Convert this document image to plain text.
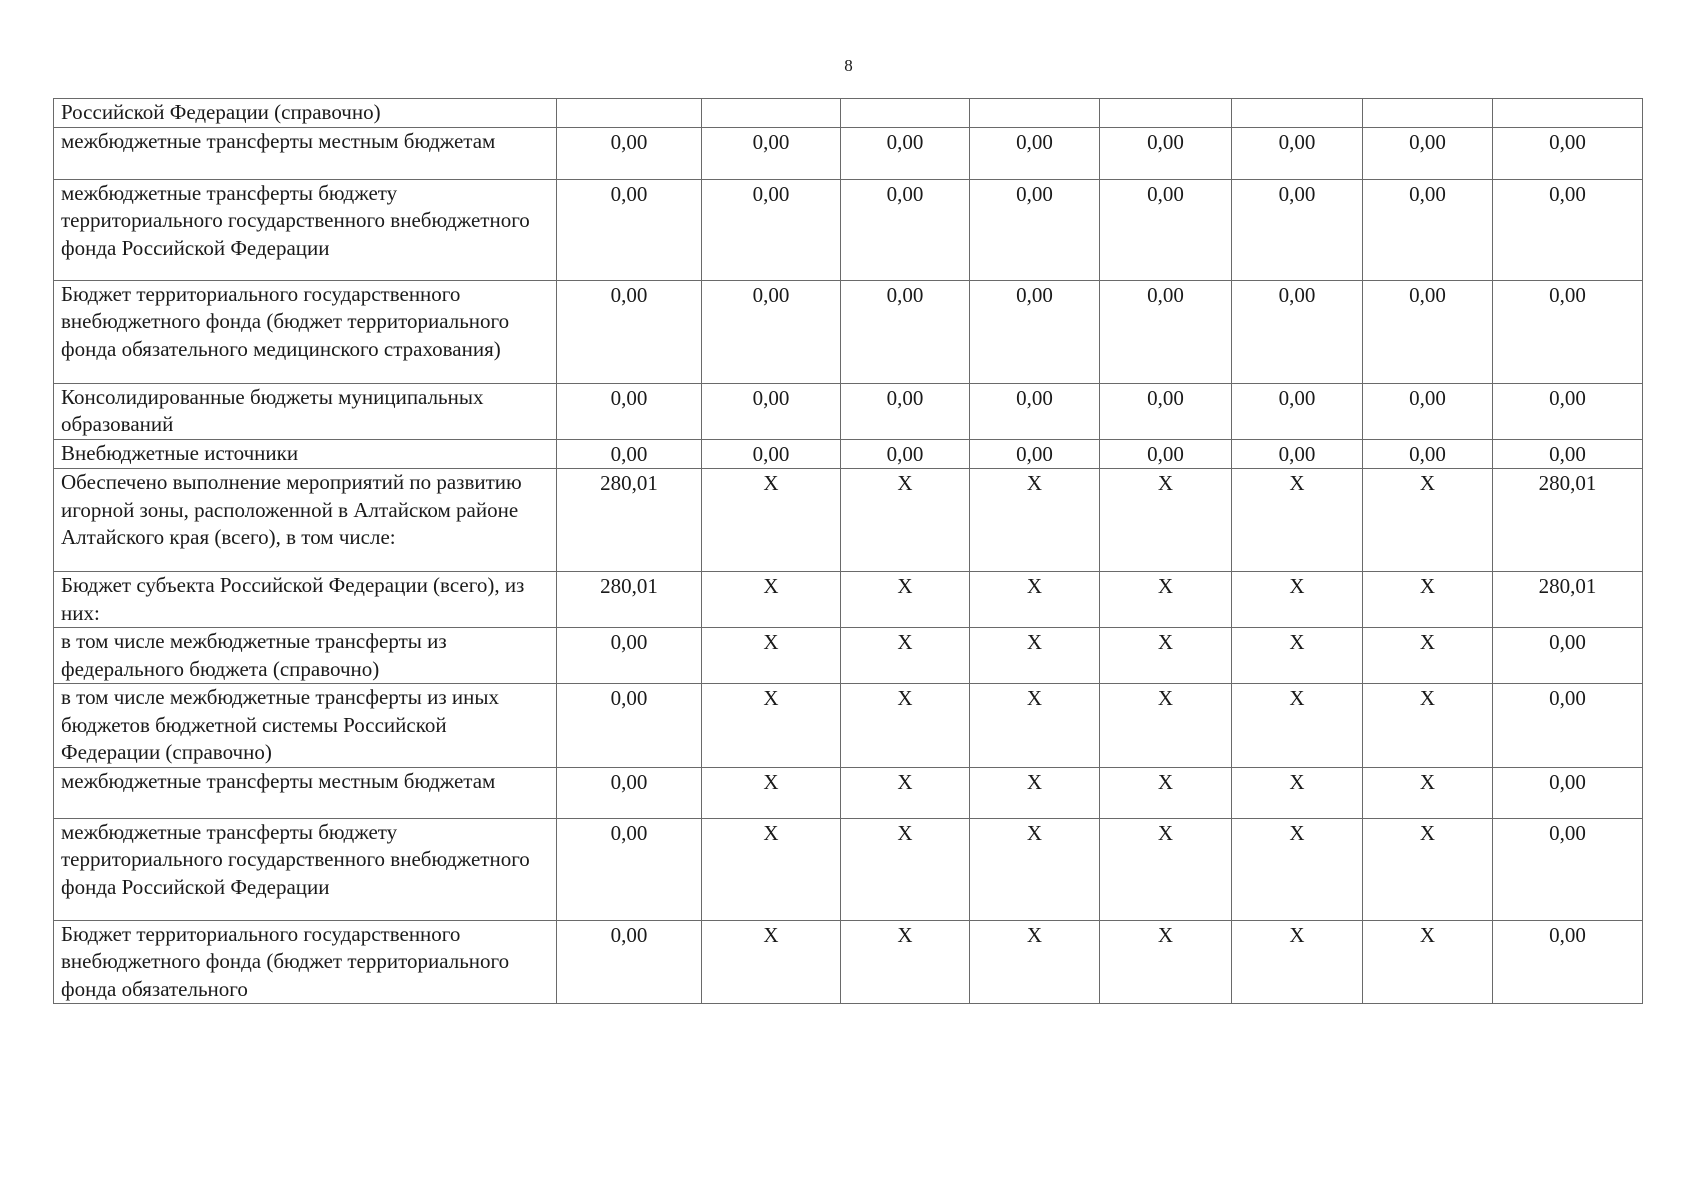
8
Российской Федерации (справочно)								
межбюджетные трансферты местным бюджетам	0,00	0,00	0,00	0,00	0,00	0,00	0,00	0,00
межбюджетные трансферты бюджету территориального государственного внебюджетного фонда Российской Федерации	0,00	0,00	0,00	0,00	0,00	0,00	0,00	0,00
Бюджет территориального государственного внебюджетного фонда (бюджет территориального фонда обязательного медицинского страхования)	0,00	0,00	0,00	0,00	0,00	0,00	0,00	0,00
Консолидированные бюджеты муниципальных образований	0,00	0,00	0,00	0,00	0,00	0,00	0,00	0,00
Внебюджетные источники	0,00	0,00	0,00	0,00	0,00	0,00	0,00	0,00
Обеспечено выполнение мероприятий по развитию игорной зоны, расположенной в Алтайском районе Алтайского края (всего), в том числе:	280,01	X	X	X	X	X	X	280,01
Бюджет субъекта Российской Федерации (всего), из них:	280,01	X	X	X	X	X	X	280,01
в том числе межбюджетные трансферты из федерального бюджета (справочно)	0,00	X	X	X	X	X	X	0,00
в том числе межбюджетные трансферты из иных бюджетов бюджетной системы Российской Федерации (справочно)	0,00	X	X	X	X	X	X	0,00
межбюджетные трансферты местным бюджетам	0,00	X	X	X	X	X	X	0,00
межбюджетные трансферты бюджету территориального государственного внебюджетного фонда Российской Федерации	0,00	X	X	X	X	X	X	0,00
Бюджет территориального государственного внебюджетного фонда (бюджет территориального фонда обязательного	0,00	X	X	X	X	X	X	0,00
